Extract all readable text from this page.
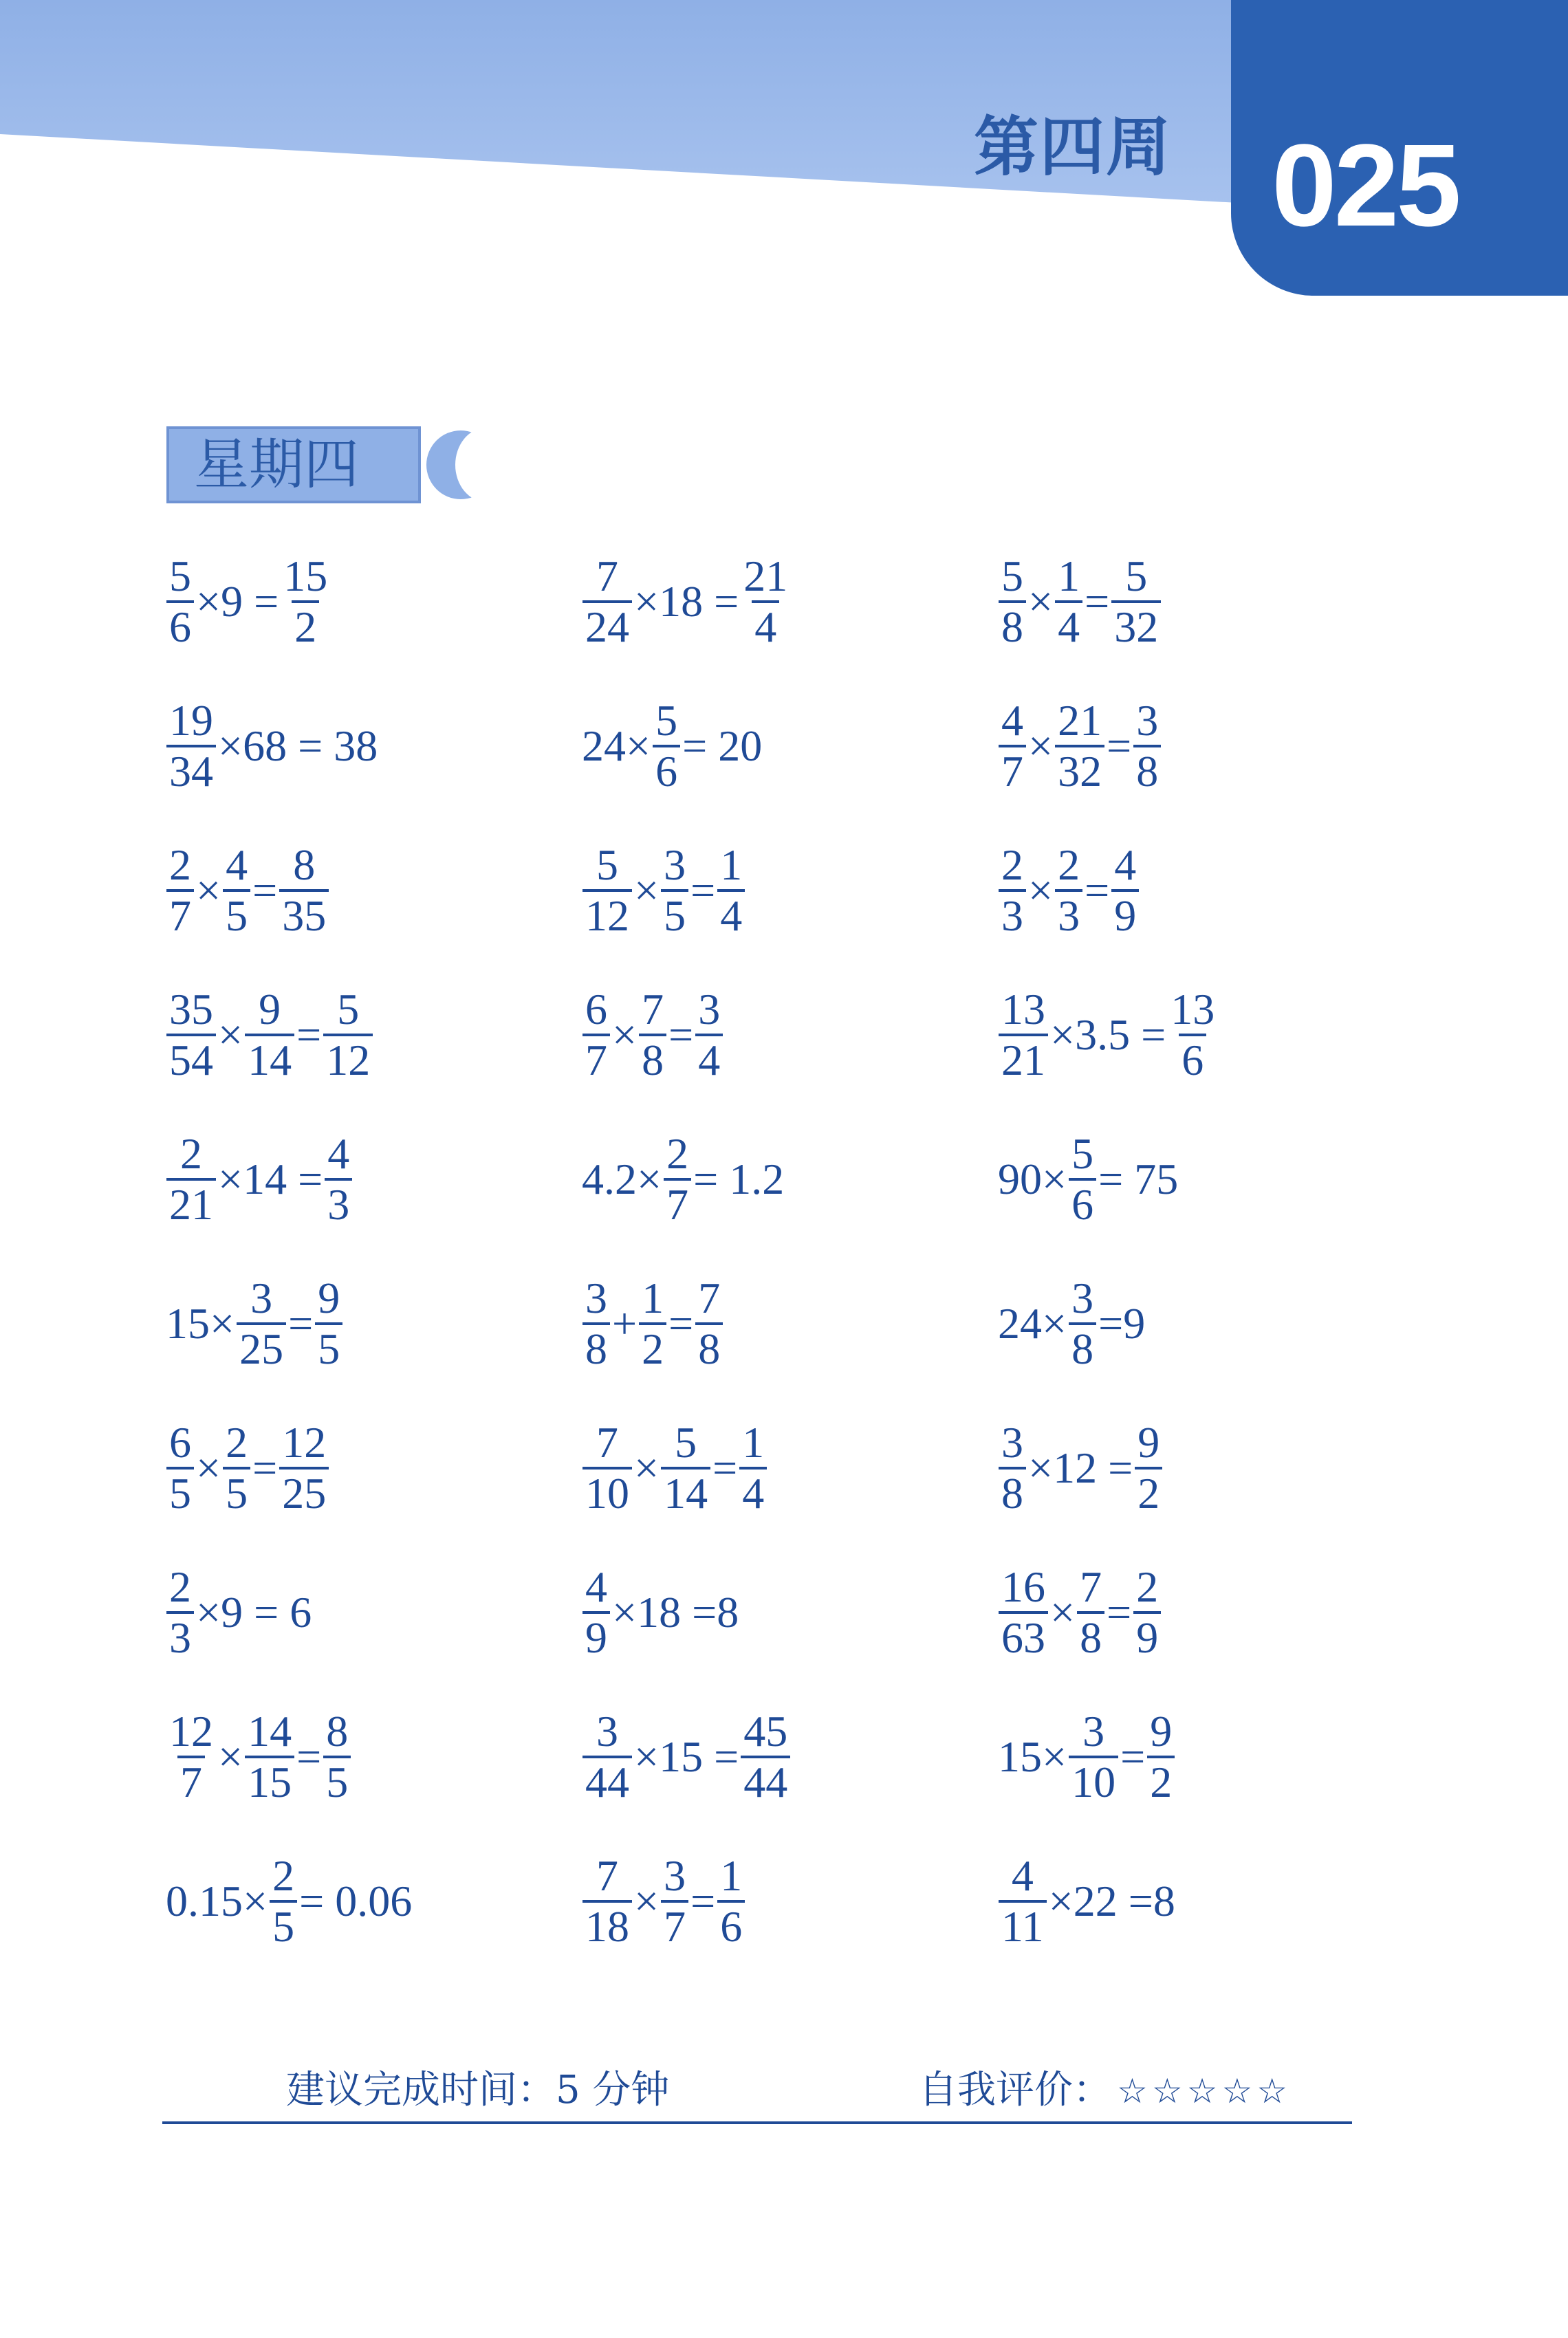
第四周 025
星期四
$\frac{5}{6} \times 9 = \frac{15}{2}$
$\frac{19}{34} \times 68 = 38$
$\frac{2}{7} \times \frac{4}{5} = \frac{8}{35}$
$\frac{35}{54} \times \frac{9}{14} = \frac{5}{12}$
$\frac{2}{21} \times 14 = \frac{4}{3}$
$15\times \frac{3}{25} = \frac{9}{5}$
$\frac{6}{5} \times \frac{2}{5} = \frac{12}{25}$
$\frac{2}{3} \times 9 = 6$
$\frac{12}{7} \times \frac{14}{15} = \frac{8}{5}$
$0.15\times \frac{2}{5} = 0.06$
$\frac{7}{24} \times 18 = \frac{21}{4}$
$24\times \frac{5}{6} = 20$
$\frac{5}{12} \times \frac{3}{5} = \frac{1}{4}$
$\frac{6}{7} \times \frac{7}{8} = \frac{3}{4}$
$4.2\times \frac{2}{7} = 1.2$
$\frac{3}{8} + \frac{1}{2} = \frac{7}{8}$
$\frac{7}{10} \times \frac{5}{14} = \frac{1}{4}$
$\frac{4}{9} \times 18 =8$
$\frac{3}{44} \times 15 = \frac{45}{44}$
$\frac{7}{18} \times \frac{3}{7} = \frac{1}{6}$
$\frac{5}{8} \times \frac{1}{4} = \frac{5}{32}$
$\frac{4}{7} \times \frac{21}{32} = \frac{3}{8}$
$\frac{2}{3} \times \frac{2}{3} = \frac{4}{9}$
$\frac{13}{21} \times 3.5 = \frac{13}{6}$
$90\times \frac{5}{6} = 75$
$24\times \frac{3}{8} =9$
$\frac{3}{8} \times 12 = \frac{9}{2}$
$\frac{16}{63} \times \frac{7}{8} = \frac{2}{9}$
$15\times \frac{3}{10} = \frac{9}{2}$
$\frac{4}{11} \times 22 =8$
建议完成时间：5 分钟	自我评价： ☆☆☆☆☆
